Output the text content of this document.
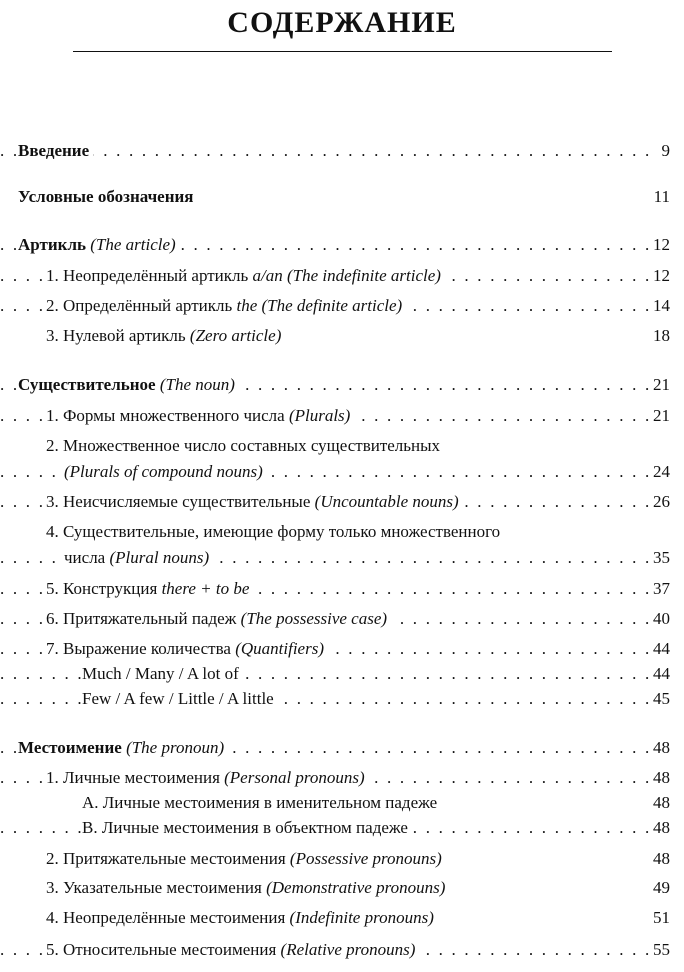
СОДЕРЖАНИЕ
. . .
Введение	9
Условные обозначения	11
. . .
Артикль (The article)	12
. . .
1. Неопределённый артикль a/an (The indefinite article)	12
. . .
2. Определённый артикль the (The definite article)	14
3. Нулевой артикль (Zero article)	18
. . .
Существительное (The noun)	21
. . .
1. Формы множественного числа (Plurals)	21
2. Множественное число составных существительных
. . .
(Plurals of compound nouns)	24
. . .
3. Неисчисляемые существительные (Uncountable nouns)	26
4. Существительные, имеющие форму только множественного
. . .
числа (Plural nouns)	35
. . .
5. Конструкция there + to be	37
. . .
6. Притяжательный падеж (The possessive case)	40
. . .
7. Выражение количества (Quantifiers)	44
. . .
Much / Many / A lot of	44
. . .
Few / A few / Little / A little	45
. . .
Местоимение (The pronoun)	48
. . .
1. Личные местоимения (Personal pronouns)	48
A. Личные местоимения в именительном падеже	48
. . .
B. Личные местоимения в объектном падеже	48
2. Притяжательные местоимения (Possessive pronouns)	48
3. Указательные местоимения (Demonstrative pronouns)	49
4. Неопределённые местоимения (Indefinite pronouns)	51
. . .
5. Относительные местоимения (Relative pronouns)	55
